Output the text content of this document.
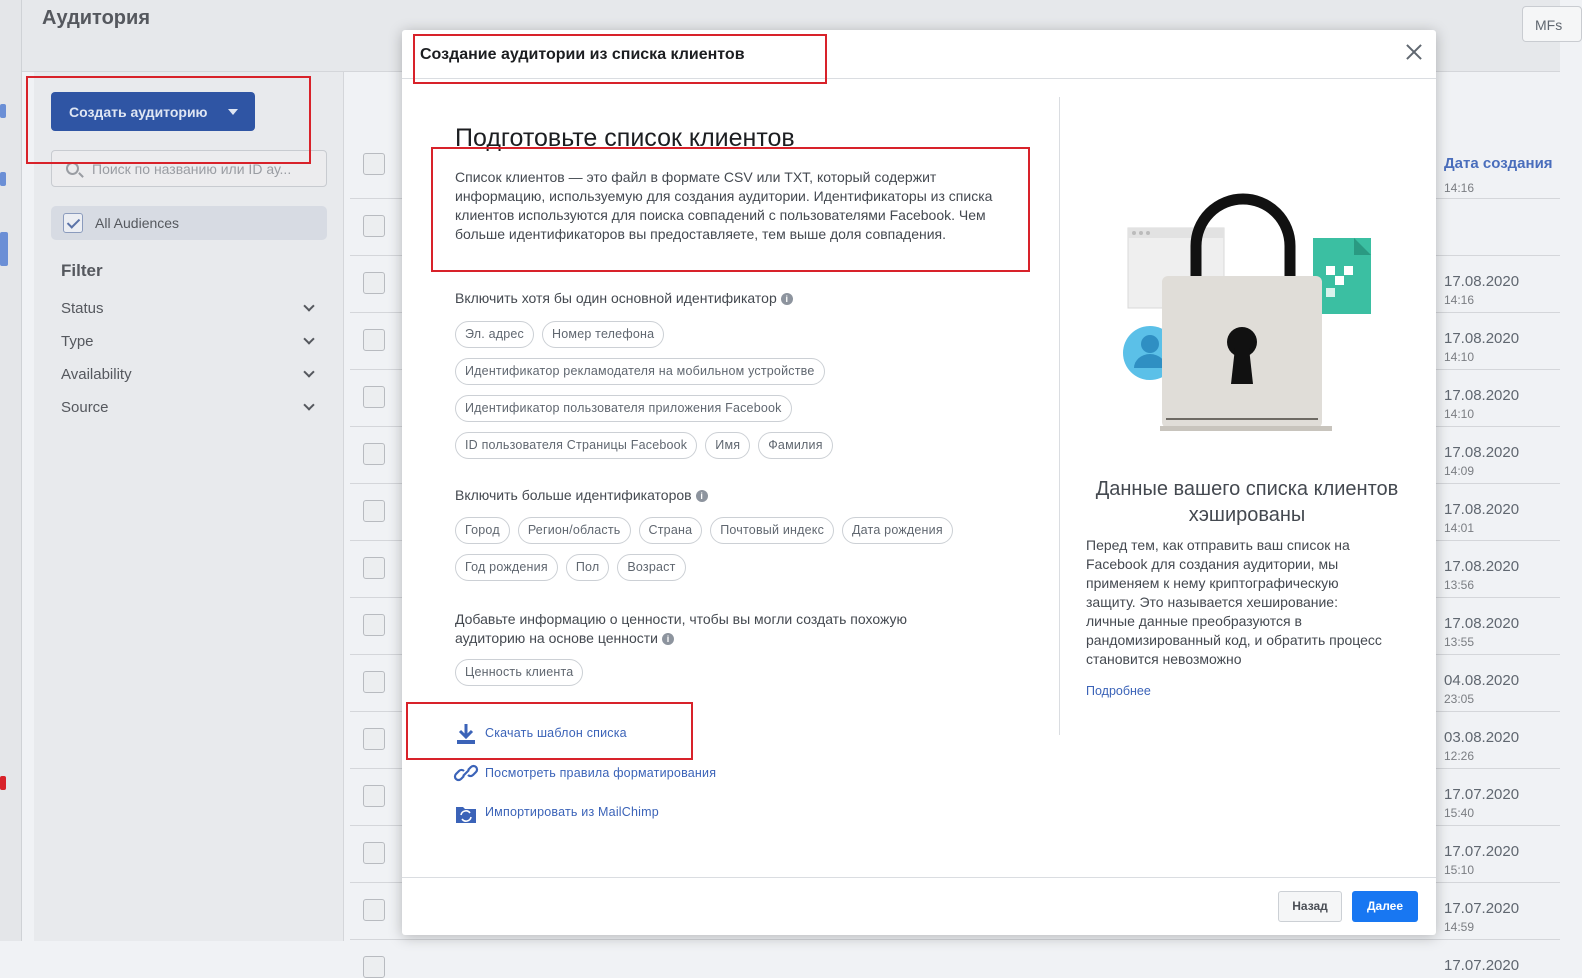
Аудитория	MFs
Создать аудиторию
Поиск по названию или ID ау...
All Audiences
Filter
Status
Type
Availability
Source
Дата создания
14:16
17.08.2020
14:16
17.08.2020
14:10
17.08.2020
14:10
17.08.2020
14:09
17.08.2020
14:01
17.08.2020
13:56
17.08.2020
13:55
04.08.2020
23:05
03.08.2020
12:26
17.07.2020
15:40
17.07.2020
15:10
17.07.2020
14:59
17.07.2020
Создание аудитории из списка клиентов
Подготовьте список клиентов
Список клиентов — это файл в формате CSV или TXT, который содержит информацию, используемую для создания аудитории. Идентификаторы из списка клиентов используются для поиска совпадений с пользователями Facebook. Чем больше идентификаторов вы предоставляете, тем выше доля совпадения.
Включить хотя бы один основной идентификатор i
Включить больше идентификаторов i
Добавьте информацию о ценности, чтобы вы могли создать похожую аудиторию на основе ценности i
Ценность клиента
Скачать шаблон списка
Посмотреть правила форматирования
Импортировать из MailChimp
Данные вашего списка клиентов хэшированы
Перед тем, как отправить ваш список на Facebook для создания аудитории, мы применяем к нему криптографическую защиту. Это называется хеширование: личные данные преобразуются в рандомизированный код, и обратить процесс становится невозможно
Подробнее
Назад	Далее
Эл. адрес Номер телефона
Идентификатор рекламодателя на мобильном устройстве
Идентификатор пользователя приложения Facebook
ID пользователя Страницы Facebook Имя Фамилия
Город Регион/область Страна Почтовый индекс Дата рождения
Год рождения Пол Возраст
